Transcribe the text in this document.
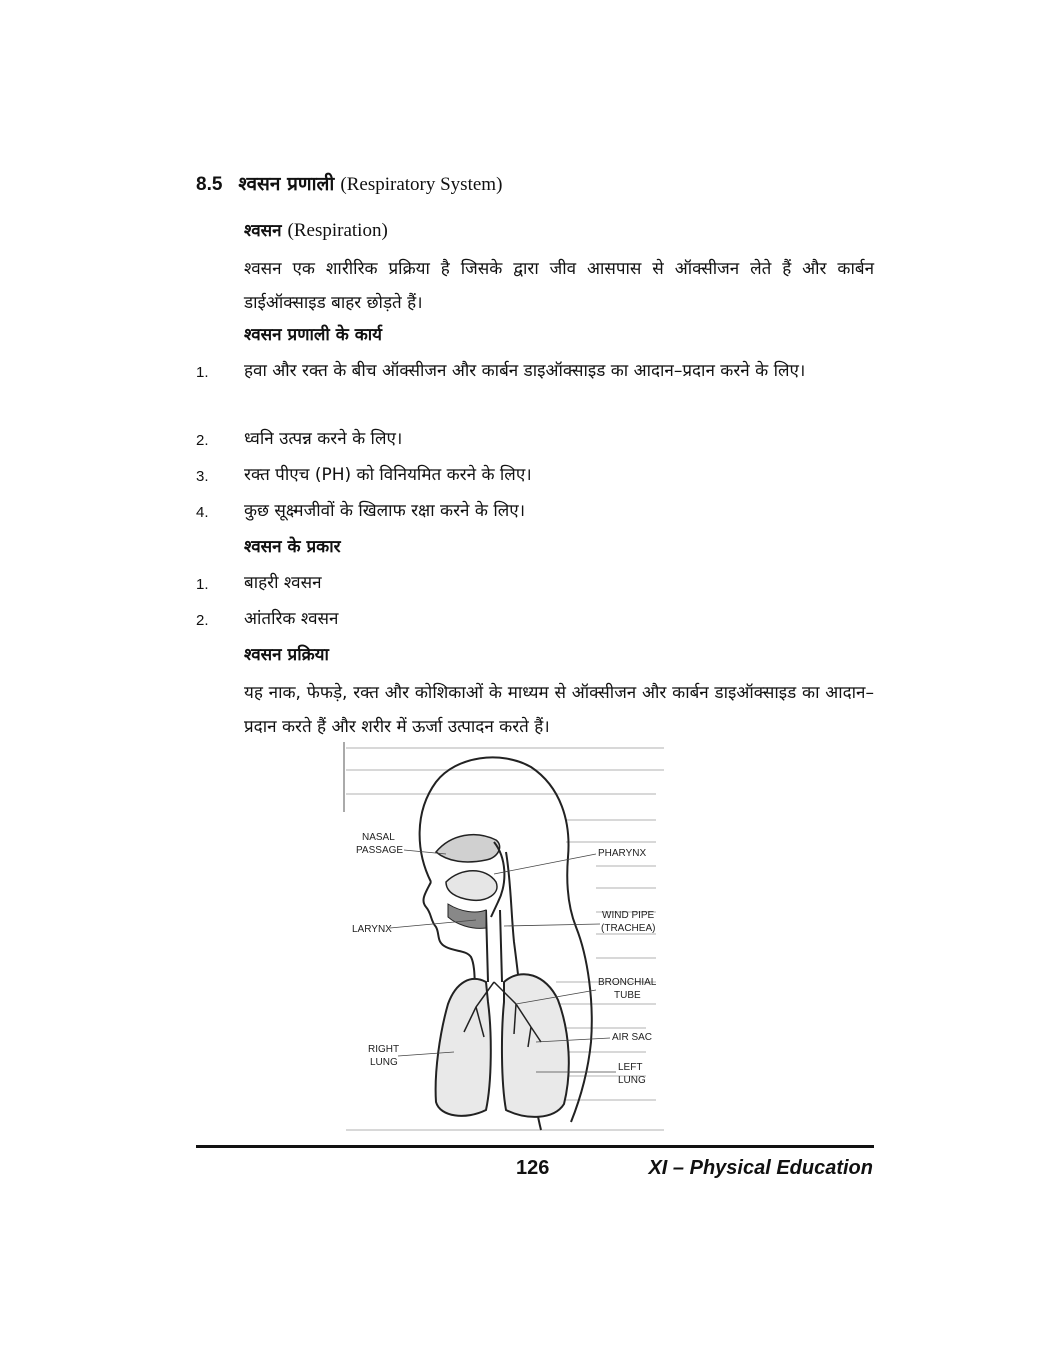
8.5 श्वसन प्रणाली (Respiratory System)
श्वसन (Respiration)
श्वसन एक शारीरिक प्रक्रिया है जिसके द्वारा जीव आसपास से ऑक्सीजन लेते हैं और कार्बन डाईऑक्साइड बाहर छोड़ते हैं।
श्वसन प्रणाली के कार्य
1. हवा और रक्त के बीच ऑक्सीजन और कार्बन डाइऑक्साइड का आदान–प्रदान करने के लिए।
2. ध्वनि उत्पन्न करने के लिए।
3. रक्त पीएच (PH) को विनियमित करने के लिए।
4. कुछ सूक्ष्मजीवों के खिलाफ रक्षा करने के लिए।
श्वसन के प्रकार
1. बाहरी श्वसन
2. आंतरिक श्वसन
श्वसन प्रक्रिया
यह नाक, फेफड़े, रक्त और कोशिकाओं के माध्यम से ऑक्सीजन और कार्बन डाइऑक्साइड का आदान–प्रदान करते हैं और शरीर में ऊर्जा उत्पादन करते हैं।
NASAL
PASSAGE	PHARYNX
LARYNX
WIND PIPE
(TRACHEA)
BRONCHIAL
TUBE
AIR SAC
RIGHT
LUNG	LEFT
LUNG
126	XI – Physical Education
